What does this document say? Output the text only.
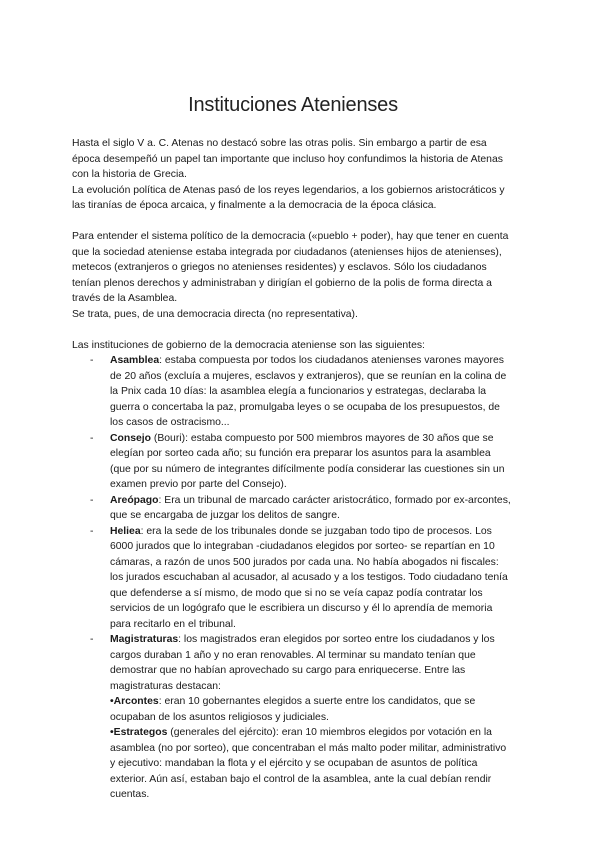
Instituciones Atenienses

Hasta el siglo V a. C. Atenas no destacó sobre las otras polis. Sin embargo a partir de esa época desempeñó un papel tan importante que incluso hoy confundimos la historia de Atenas con la historia de Grecia.

La evolución política de Atenas pasó de los reyes legendarios, a los gobiernos aristocráticos y las tiranías de época arcaica, y finalmente a la democracia de la época clásica.

Para entender el sistema político de la democracia («pueblo + poder), hay que tener en cuenta que la sociedad ateniense estaba integrada por ciudadanos (atenienses hijos de atenienses), metecos (extranjeros o griegos no atenienses residentes) y esclavos. Sólo los ciudadanos tenían plenos derechos y administraban y dirigían el gobierno de la polis de forma directa a través de la Asamblea.

Se trata, pues, de una democracia directa (no representativa).

Las instituciones de gobierno de la democracia ateniense son las siguientes:

- Asamblea: estaba compuesta por todos los ciudadanos atenienses varones mayores de 20 años (excluía a mujeres, esclavos y extranjeros), que se reunían en la colina de la Pnix cada 10 días: la asamblea elegía a funcionarios y estrategas, declaraba la guerra o concertaba la paz, promulgaba leyes o se ocupaba de los presupuestos, de los casos de ostracismo...
- Consejo (Bouri): estaba compuesto por 500 miembros mayores de 30 años que se elegían por sorteo cada año; su función era preparar los asuntos para la asamblea (que por su número de integrantes difícilmente podía considerar las cuestiones sin un examen previo por parte del Consejo).
- Areópago: Era un tribunal de marcado carácter aristocrático, formado por ex-arcontes, que se encargaba de juzgar los delitos de sangre.
- Heliea: era la sede de los tribunales donde se juzgaban todo tipo de procesos. Los 6000 jurados que lo integraban -ciudadanos elegidos por sorteo- se repartían en 10 cámaras, a razón de unos 500 jurados por cada una. No había abogados ni fiscales: los jurados escuchaban al acusador, al acusado y a los testigos. Todo ciudadano tenía que defenderse a sí mismo, de modo que si no se veía capaz podía contratar los servicios de un logógrafo que le escribiera un discurso y él lo aprendía de memoria para recitarlo en el tribunal.
- Magistraturas: los magistrados eran elegidos por sorteo entre los ciudadanos y los cargos duraban 1 año y no eran renovables. Al terminar su mandato tenían que demostrar que no habían aprovechado su cargo para enriquecerse. Entre las magistraturas destacan:
•Arcontes: eran 10 gobernantes elegidos a suerte entre los candidatos, que se ocupaban de los asuntos religiosos y judiciales.
•Estrategos (generales del ejército): eran 10 miembros elegidos por votación en la asamblea (no por sorteo), que concentraban el más malto poder militar, administrativo y ejecutivo: mandaban la flota y el ejército y se ocupaban de asuntos de política exterior. Aún así, estaban bajo el control de la asamblea, ante la cual debían rendir cuentas.
